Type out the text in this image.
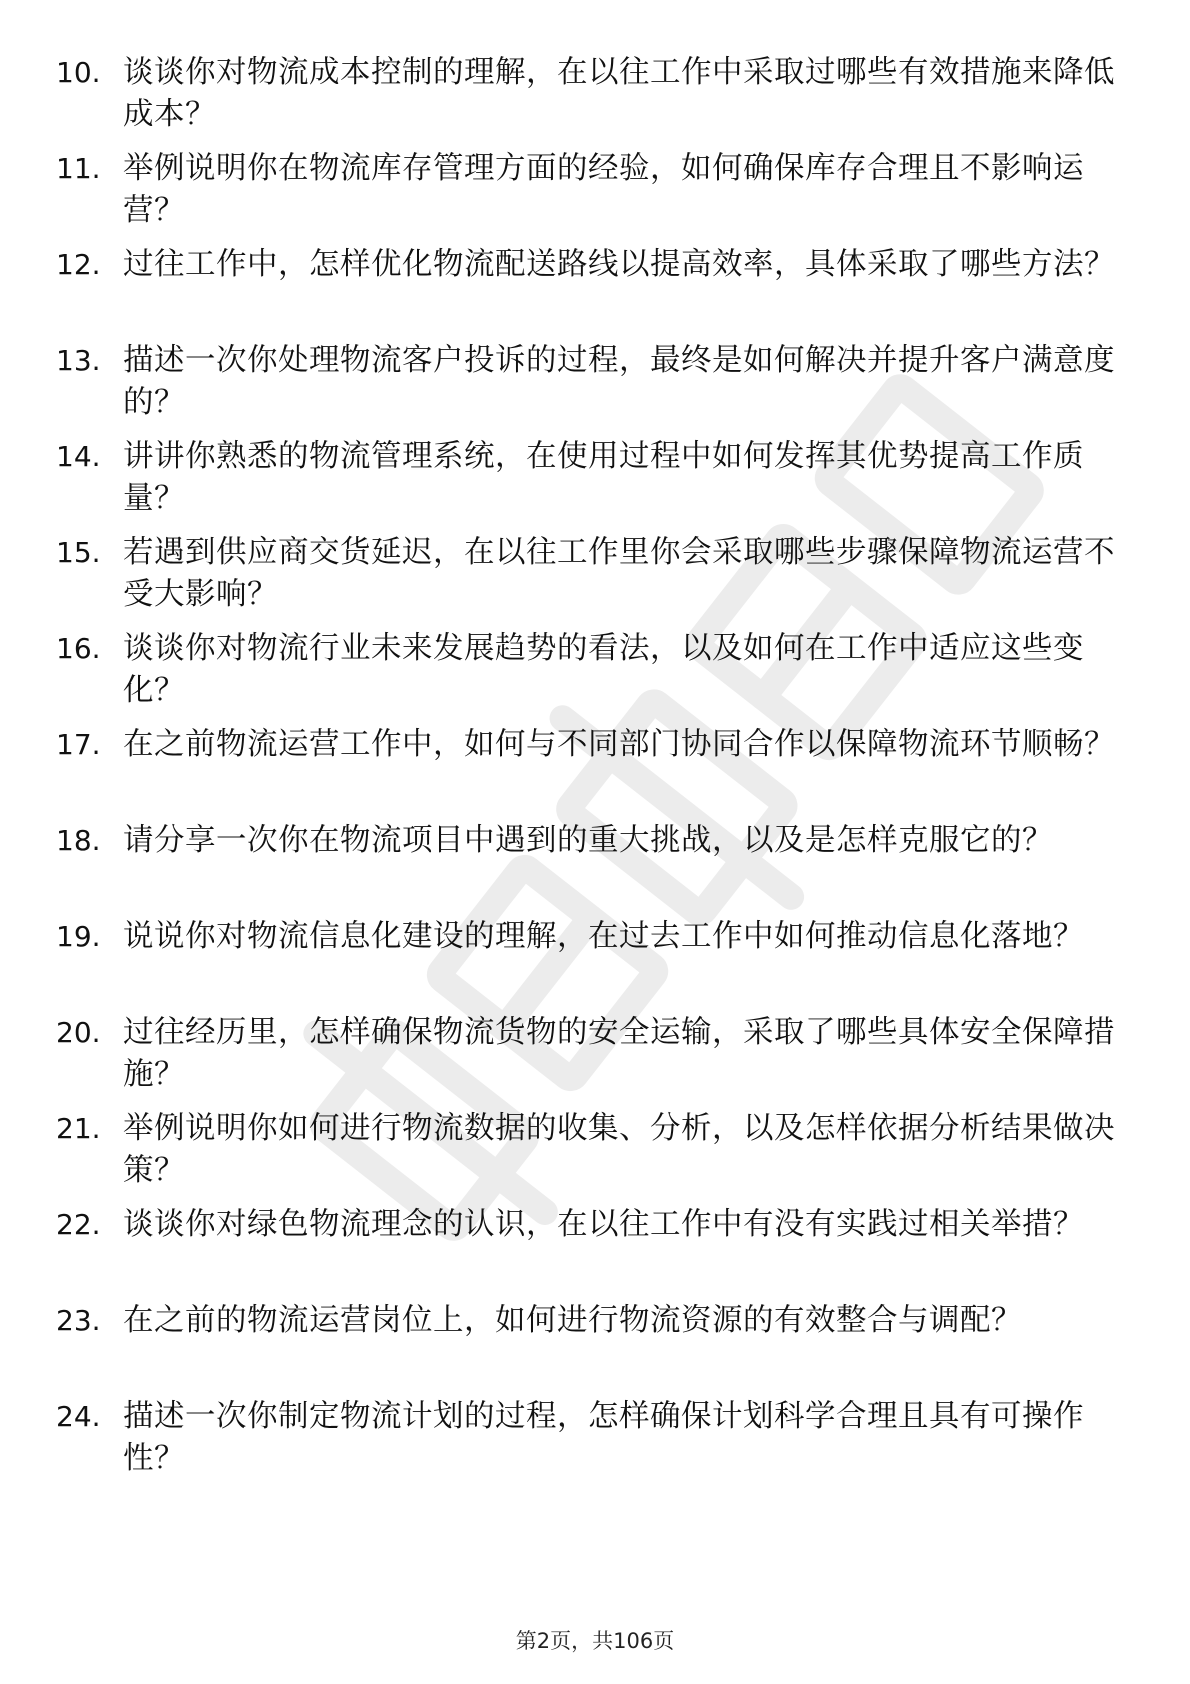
10. 谈谈你对物流成本控制的理解，在以往工作中采取过哪些有效措施来降低成本？
11. 举例说明你在物流库存管理方面的经验，如何确保库存合理且不影响运营？
12. 过往工作中，怎样优化物流配送路线以提高效率，具体采取了哪些方法？
13. 描述一次你处理物流客户投诉的过程，最终是如何解决并提升客户满意度的？
14. 讲讲你熟悉的物流管理系统，在使用过程中如何发挥其优势提高工作质量？
15. 若遇到供应商交货延迟，在以往工作里你会采取哪些步骤保障物流运营不受大影响？
16. 谈谈你对物流行业未来发展趋势的看法，以及如何在工作中适应这些变化？
17. 在之前物流运营工作中，如何与不同部门协同合作以保障物流环节顺畅？
18. 请分享一次你在物流项目中遇到的重大挑战，以及是怎样克服它的？
19. 说说你对物流信息化建设的理解，在过去工作中如何推动信息化落地？
20. 过往经历里，怎样确保物流货物的安全运输，采取了哪些具体安全保障措施？
21. 举例说明你如何进行物流数据的收集、分析，以及怎样依据分析结果做决策？
22. 谈谈你对绿色物流理念的认识，在以往工作中有没有实践过相关举措？
23. 在之前的物流运营岗位上，如何进行物流资源的有效整合与调配？
24. 描述一次你制定物流计划的过程，怎样确保计划科学合理且具有可操作性？
第2页，共106页
